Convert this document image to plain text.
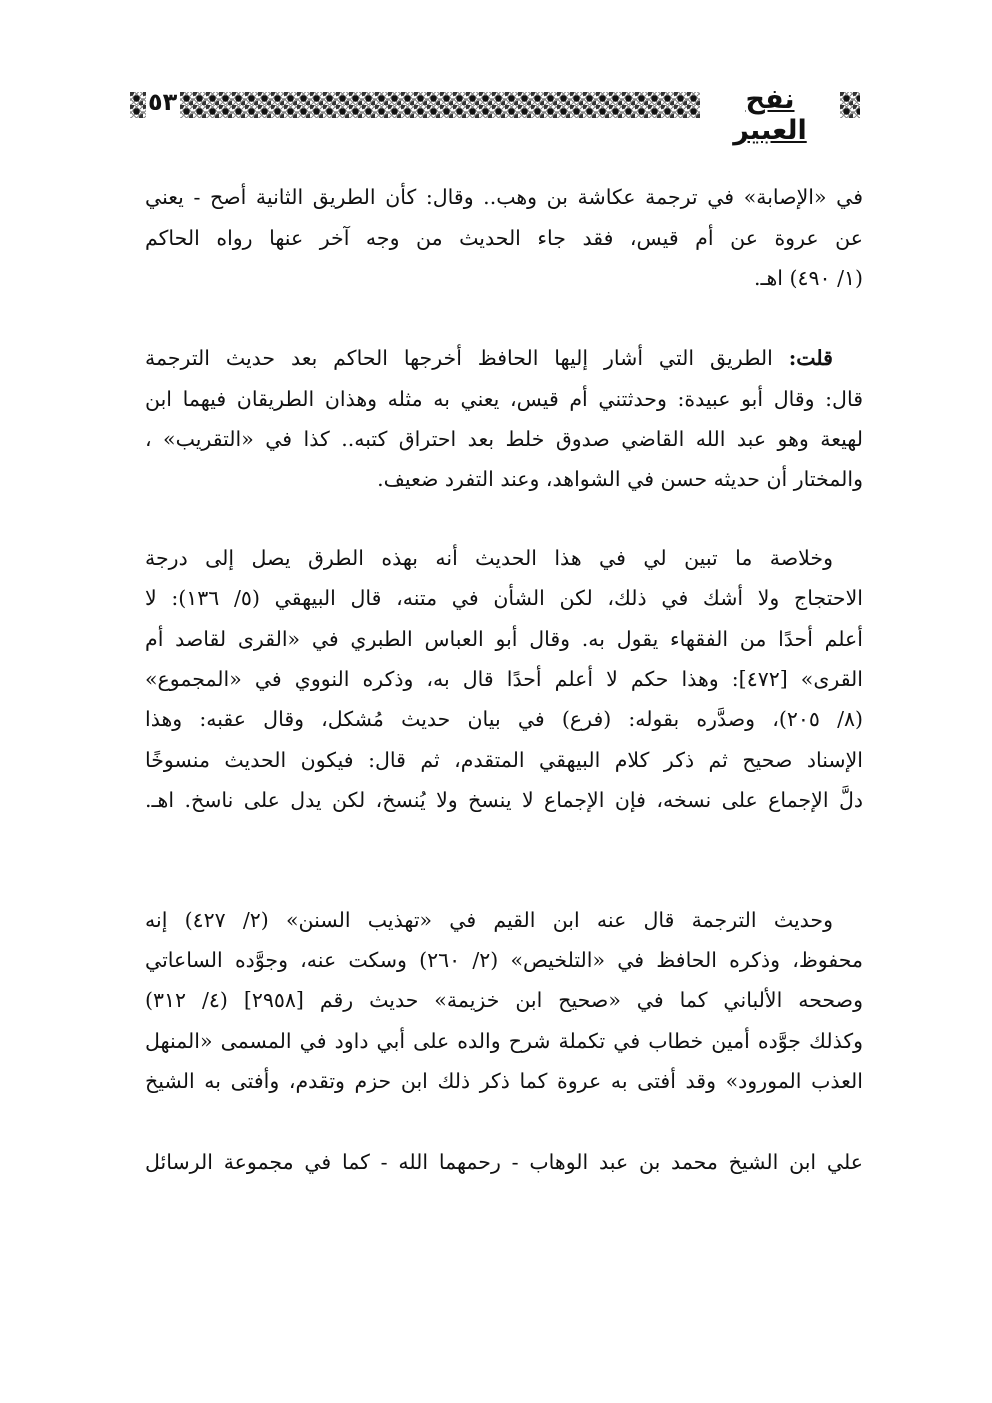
٥٣	نفح العبير
في «الإصابة» في ترجمة عكاشة بن وهب.. وقال: كأن الطريق الثانية أصح - يعني
عن عروة عن أم قيس، فقد جاء الحديث من وجه آخر عنها رواه الحاكم
(١/ ٤٩٠) اهـ.
قلت: الطريق التي أشار إليها الحافظ أخرجها الحاكم بعد حديث الترجمة
قال: وقال أبو عبيدة: وحدثتني أم قيس، يعني به مثله وهذان الطريقان فيهما ابن
لهيعة وهو عبد الله القاضي صدوق خلط بعد احتراق كتبه.. كذا في «التقريب» ،
والمختار أن حديثه حسن في الشواهد، وعند التفرد ضعيف.
وخلاصة ما تبين لي في هذا الحديث أنه بهذه الطرق يصل إلى درجة
الاحتجاج ولا أشك في ذلك، لكن الشأن في متنه، قال البيهقي (٥/ ١٣٦): لا
أعلم أحدًا من الفقهاء يقول به. وقال أبو العباس الطبري في «القرى لقاصد أم
القرى» [٤٧٢]: وهذا حكم لا أعلم أحدًا قال به، وذكره النووي في «المجموع»
(٨/ ٢٠٥)، وصدَّره بقوله: (فرع) في بيان حديث مُشكل، وقال عقبه: وهذا
الإسناد صحيح ثم ذكر كلام البيهقي المتقدم، ثم قال: فيكون الحديث منسوخًا
دلَّ الإجماع على نسخه، فإن الإجماع لا ينسخ ولا يُنسخ، لكن يدل على ناسخ. اهـ.
وحديث الترجمة قال عنه ابن القيم في «تهذيب السنن» (٢/ ٤٢٧) إنه
محفوظ، وذكره الحافظ في «التلخيص» (٢/ ٢٦٠) وسكت عنه، وجوَّده الساعاتي
وصححه الألباني كما في «صحيح ابن خزيمة» حديث رقم [٢٩٥٨] (٤/ ٣١٢)
وكذلك جوَّده أمين خطاب في تكملة شرح والده على أبي داود في المسمى «المنهل
العذب المورود» وقد أفتى به عروة كما ذكر ذلك ابن حزم وتقدم، وأفتى به الشيخ
علي ابن الشيخ محمد بن عبد الوهاب - رحمهما الله - كما في مجموعة الرسائل
